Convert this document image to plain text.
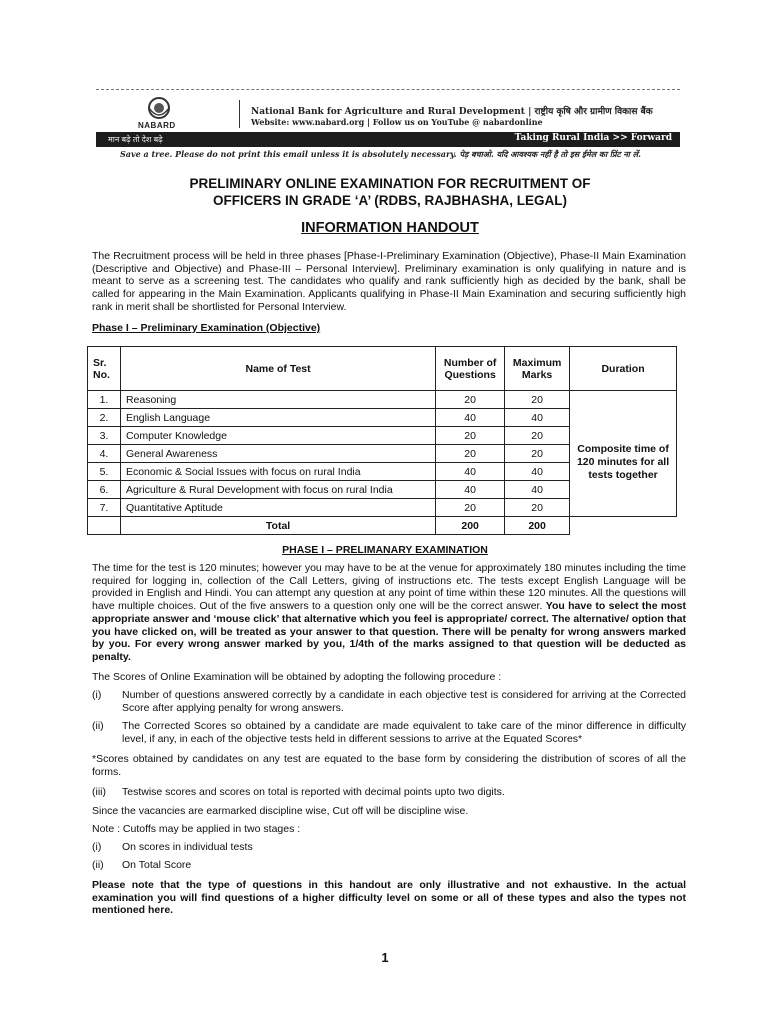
NABARD
National Bank for Agriculture and Rural Development | राष्ट्रीय कृषि और ग्रामीण विकास बैंक
Website: www.nabard.org | Follow us on YouTube @ nabardonline
मान बढ़े तो देश बढ़े	Taking Rural India >> Forward
Save a tree. Please do not print this email unless it is absolutely necessary. पेड़ बचाओ. यदि आवश्यक नहीं है तो इस ईमेल का प्रिंट ना लें.
PRELIMINARY ONLINE EXAMINATION FOR RECRUITMENT OF
OFFICERS IN GRADE ‘A’ (RDBS, RAJBHASHA, LEGAL)
INFORMATION HANDOUT

The Recruitment process will be held in three phases [Phase-I-Preliminary Examination (Objective), Phase-II Main Examination (Descriptive and Objective) and Phase-III – Personal Interview]. Preliminary examination is only qualifying in nature and is meant to serve as a screening test. The candidates who qualify and rank sufficiently high as decided by the bank, shall be called for appearing in the Main Examination. Applicants qualifying in Phase-II Main Examination and securing sufficiently high rank in merit shall be shortlisted for Personal Interview.

Phase I – Preliminary Examination (Objective)

Sr. No.	Name of Test	Number of Questions	Maximum Marks	Duration
1.	Reasoning	20	20	
2.	English Language	40	40	Composite time of 120 minutes for all tests together
3.	Computer Knowledge	20	20	
4.	General Awareness	20	20	
5.	Economic & Social Issues with focus on rural India	40	40	
6.	Agriculture & Rural Development with focus on rural India	40	40	
7.	Quantitative Aptitude	20	20	
	Total	200	200	
PHASE I – PRELIMANARY EXAMINATION

The time for the test is 120 minutes; however you may have to be at the venue for approximately 180 minutes including the time required for logging in, collection of the Call Letters, giving of instructions etc. The tests except English Language will be provided in English and Hindi. You can attempt any question at any point of time within these 120 minutes. All the questions will have multiple choices. Out of the five answers to a question only one will be the correct answer. You have to select the most appropriate answer and ‘mouse click’ that alternative which you feel is appropriate/ correct. The alternative/ option that you have clicked on, will be treated as your answer to that question. There will be penalty for wrong answers marked by you. For every wrong answer marked by you, 1/4th of the marks assigned to that question will be deducted as penalty.

The Scores of Online Examination will be obtained by adopting the following procedure :

(i) Number of questions answered correctly by a candidate in each objective test is considered for arriving at the Corrected Score after applying penalty for wrong answers.
(ii) The Corrected Scores so obtained by a candidate are made equivalent to take care of the minor difference in difficulty level, if any, in each of the objective tests held in different sessions to arrive at the Equated Scores*

*Scores obtained by candidates on any test are equated to the base form by considering the distribution of scores of all the forms.

(iii) Testwise scores and scores on total is reported with decimal points upto two digits.

Since the vacancies are earmarked discipline wise, Cut off will be discipline wise.

Note : Cutoffs may be applied in two stages :

(i) On scores in individual tests
(ii) On Total Score

Please note that the type of questions in this handout are only illustrative and not exhaustive. In the actual examination you will find questions of a higher difficulty level on some or all of these types and also the types not mentioned here.

1
